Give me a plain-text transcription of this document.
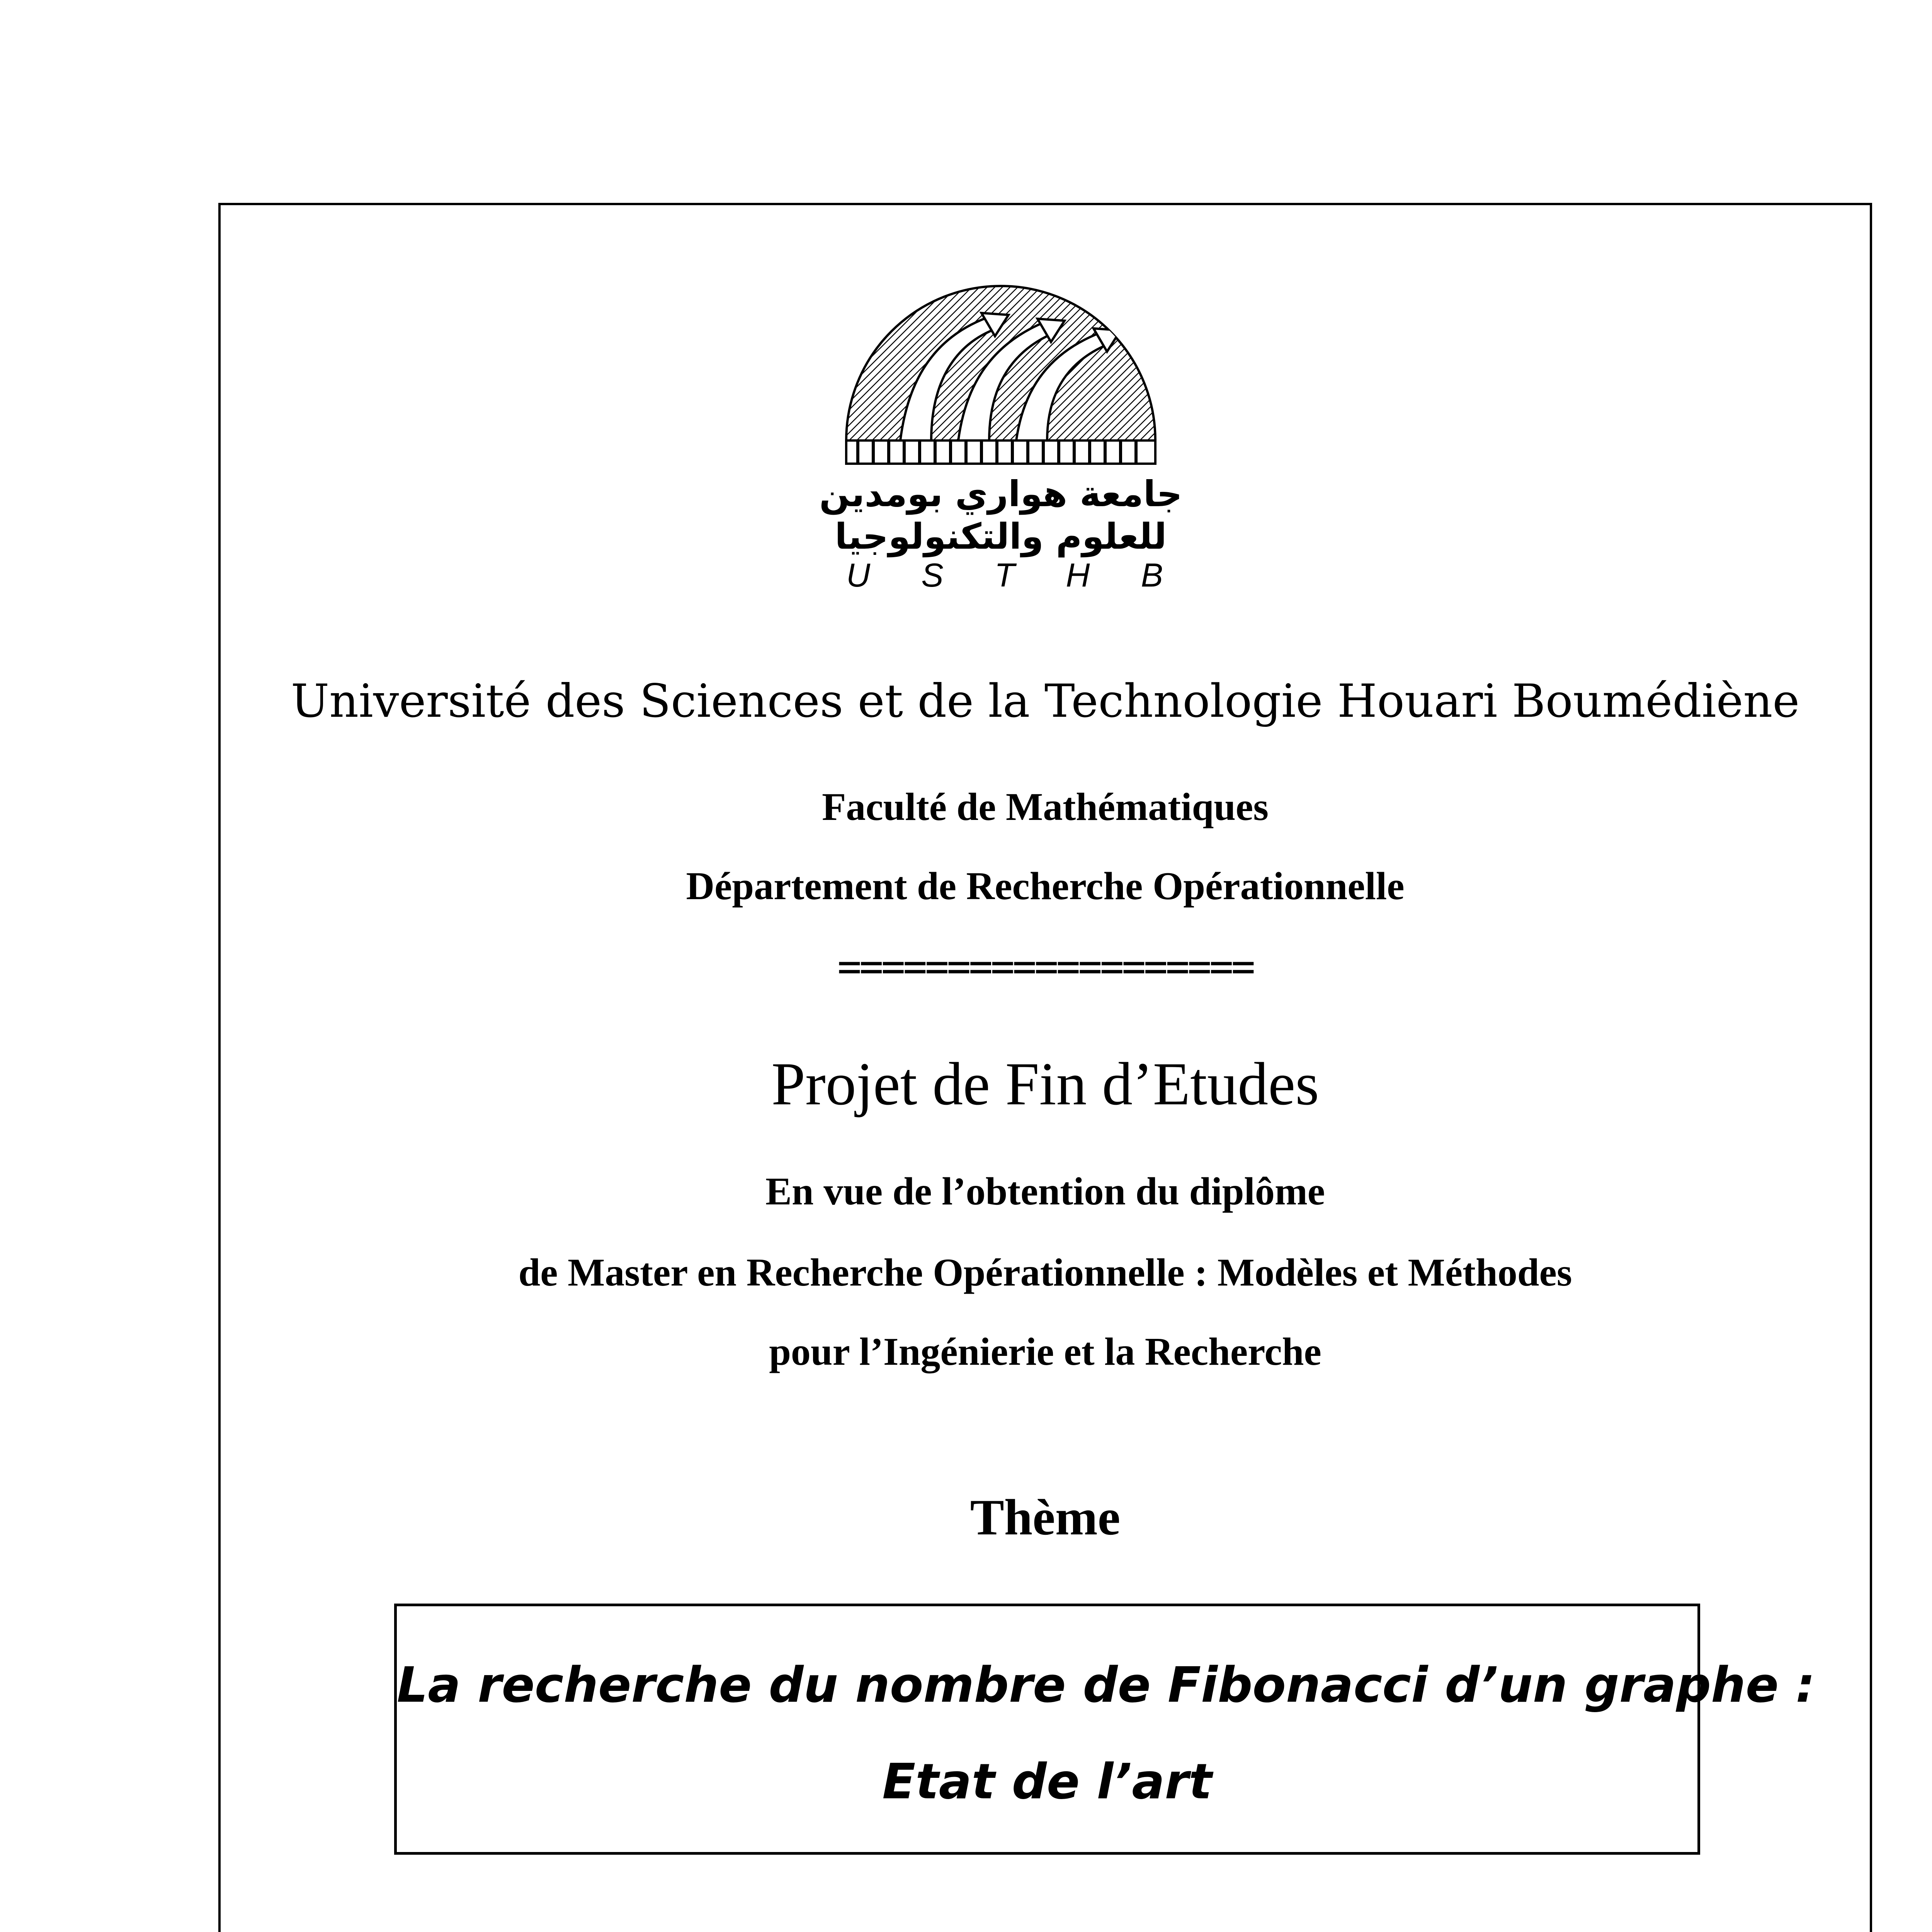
جامعة هواري بومدين
للعلوم والتكنولوجيا
U S T H B
Université des Sciences et de la Technologie Houari Boumédiène
Faculté de Mathématiques
Département de Recherche Opérationnelle
===================
Projet de Fin d’Etudes
En vue de l’obtention du diplôme
de Master en Recherche Opérationnelle : Modèles et Méthodes
pour l’Ingénierie et la Recherche
Thème
La recherche du nombre de Fibonacci d’un graphe :
Etat de l’art
